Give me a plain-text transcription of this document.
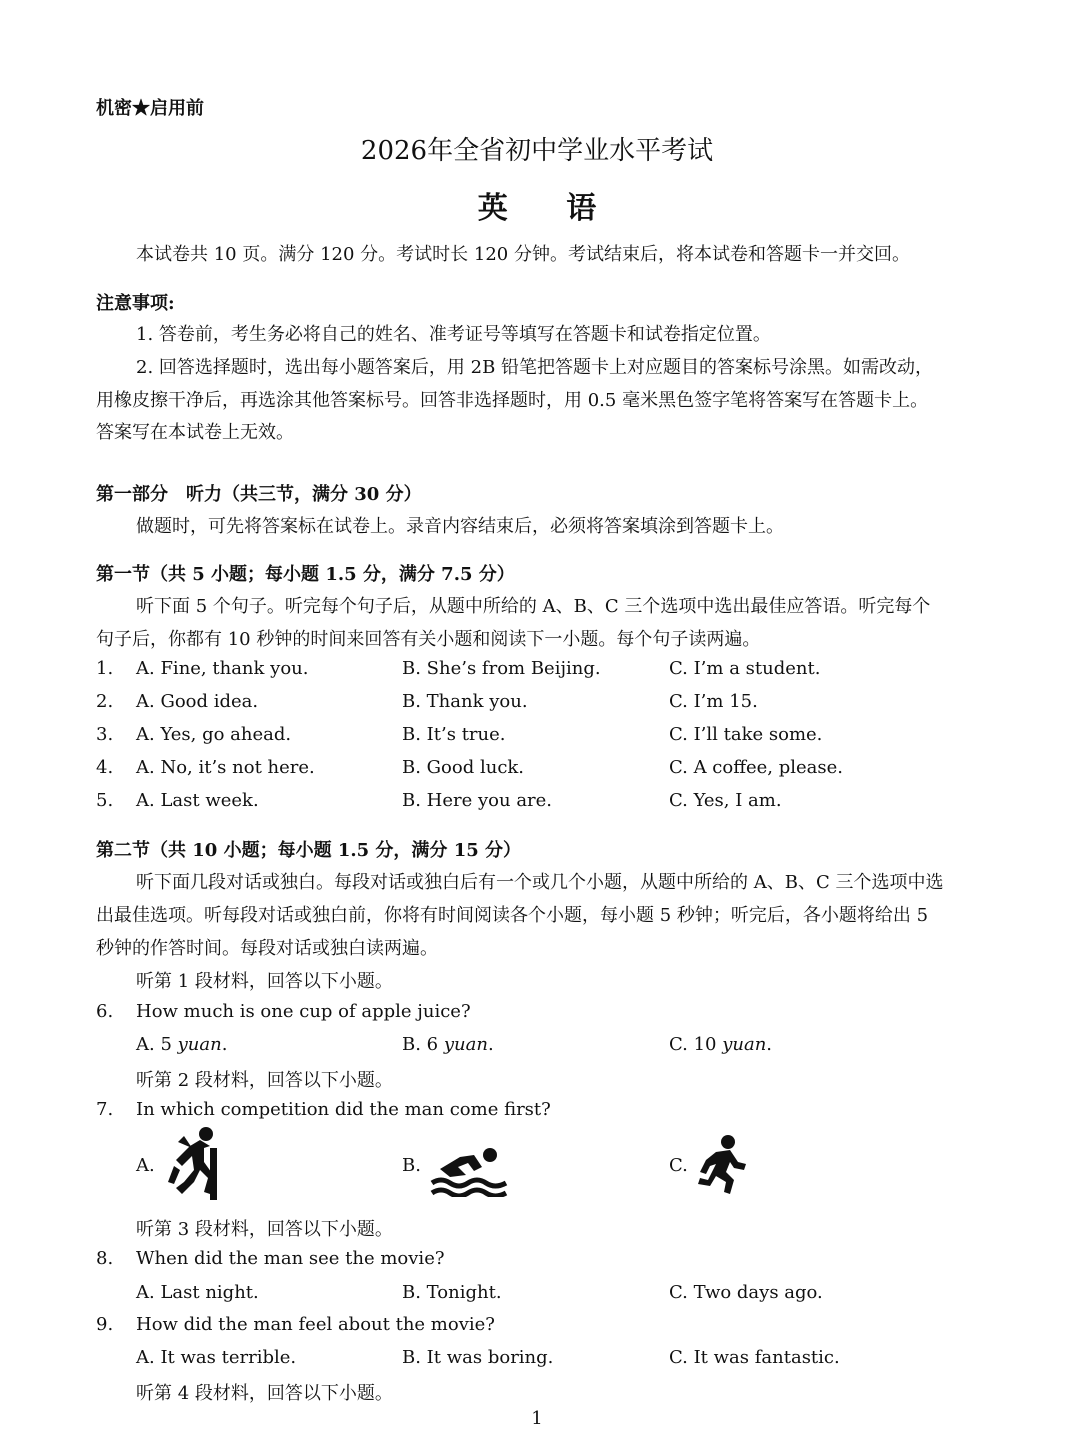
机密★启用前
2026年全省初中学业水平考试
英 语
本试卷共 10 页。满分 120 分。考试时长 120 分钟。考试结束后，将本试卷和答题卡一并交回。
注意事项:
1. 答卷前，考生务必将自己的姓名、准考证号等填写在答题卡和试卷指定位置。
2. 回答选择题时，选出每小题答案后，用 2B 铅笔把答题卡上对应题目的答案标号涂黑。如需改动，
用橡皮擦干净后，再选涂其他答案标号。回答非选择题时，用 0.5 毫米黑色签字笔将答案写在答题卡上。
答案写在本试卷上无效。
第一部分　听力（共三节，满分 30 分）
做题时，可先将答案标在试卷上。录音内容结束后，必须将答案填涂到答题卡上。
第一节（共 5 小题；每小题 1.5 分，满分 7.5 分）
听下面 5 个句子。听完每个句子后，从题中所给的 A、B、C 三个选项中选出最佳应答语。听完每个
句子后，你都有 10 秒钟的时间来回答有关小题和阅读下一小题。每个句子读两遍。
1. A. Fine, thank you.	B. She’s from Beijing.	C. I’m a student.
2. A. Good idea.	B. Thank you.	C. I’m 15.
3. A. Yes, go ahead.	B. It’s true.	C. I’ll take some.
4. A. No, it’s not here.	B. Good luck.	C. A coffee, please.
5. A. Last week.	B. Here you are.	C. Yes, I am.
第二节（共 10 小题；每小题 1.5 分，满分 15 分）
听下面几段对话或独白。每段对话或独白后有一个或几个小题，从题中所给的 A、B、C 三个选项中选
出最佳选项。听每段对话或独白前，你将有时间阅读各个小题，每小题 5 秒钟；听完后，各小题将给出 5
秒钟的作答时间。每段对话或独白读两遍。
听第 1 段材料，回答以下小题。
6. How much is one cup of apple juice?
A. 5 yuan.	B. 6 yuan.	C. 10 yuan.
听第 2 段材料，回答以下小题。
7. In which competition did the man come first?
A.	B.	C.
听第 3 段材料，回答以下小题。
8. When did the man see the movie?
A. Last night.	B. Tonight.	C. Two days ago.
9. How did the man feel about the movie?
A. It was terrible.	B. It was boring.	C. It was fantastic.
听第 4 段材料，回答以下小题。
1
